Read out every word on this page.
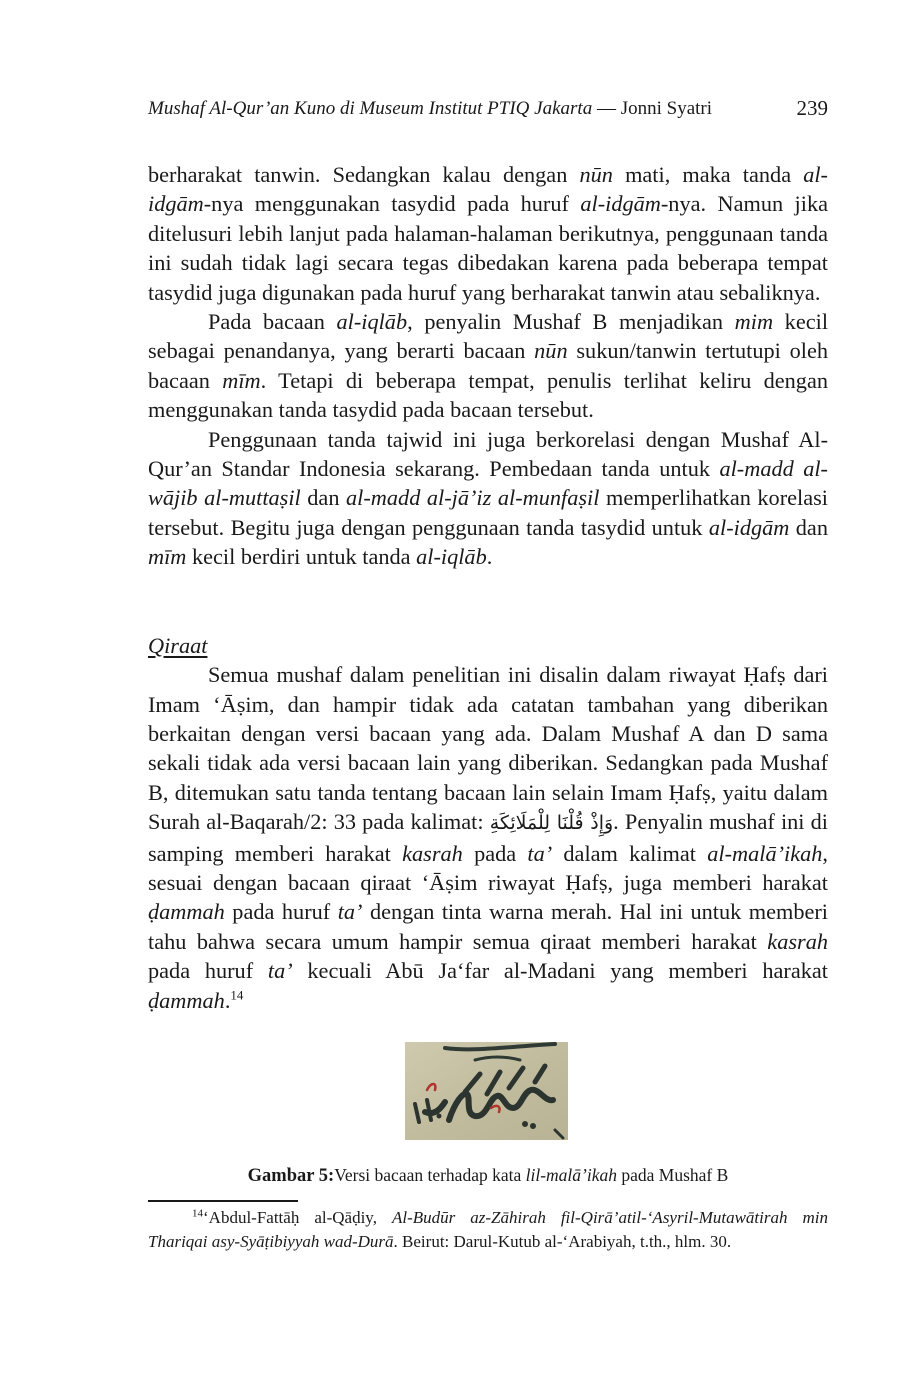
Mushaf Al-Qur’an Kuno di Museum Institut PTIQ Jakarta — Jonni Syatri	239

berharakat tanwin. Sedangkan kalau dengan nūn mati, maka tanda al-idgām-nya menggunakan tasydid pada huruf al-idgām-nya. Namun jika ditelusuri lebih lanjut pada halaman-halaman berikutnya, penggunaan tanda ini sudah tidak lagi secara tegas dibedakan karena pada beberapa tempat tasydid juga digunakan pada huruf yang berharakat tanwin atau sebaliknya.

Pada bacaan al-iqlāb, penyalin Mushaf B menjadikan mim kecil sebagai penandanya, yang berarti bacaan nūn sukun/tanwin tertutupi oleh bacaan mīm. Tetapi di beberapa tempat, penulis terlihat keliru dengan menggunakan tanda tasydid pada bacaan tersebut.

Penggunaan tanda tajwid ini juga berkorelasi dengan Mushaf Al-Qur’an Standar Indonesia sekarang. Pembedaan tanda untuk al-madd al-wājib al-muttaṣil dan al-madd al-jā’iz al-munfaṣil memperlihatkan korelasi tersebut. Begitu juga dengan penggunaan tanda tasydid untuk al-idgām dan mīm kecil berdiri untuk tanda al-iqlāb.

Qiraat

Semua mushaf dalam penelitian ini disalin dalam riwayat Ḥafṣ dari Imam ‘Āṣim, dan hampir tidak ada catatan tambahan yang diberikan berkaitan dengan versi bacaan yang ada. Dalam Mushaf A dan D sama sekali tidak ada versi bacaan lain yang diberikan. Sedangkan pada Mushaf B, ditemukan satu tanda tentang bacaan lain selain Imam Ḥafṣ, yaitu dalam Surah al-Baqarah/2: 33 pada kalimat: وَإِذْ قُلْنَا لِلْمَلَائِكَةِ. Penyalin mushaf ini di samping memberi harakat kasrah pada ta’ dalam kalimat al-malā’ikah, sesuai dengan bacaan qiraat ‘Āṣim riwayat Ḥafṣ, juga memberi harakat ḍammah pada huruf ta’ dengan tinta warna merah. Hal ini untuk memberi tahu bahwa secara umum hampir semua qiraat memberi harakat kasrah pada huruf ta’ kecuali Abū Ja‘far al-Madani yang memberi harakat ḍammah.$^{14}$

Gambar 5:Versi bacaan terhadap kata lil-malā’ikah pada Mushaf B
$^{14}$‘Abdul-Fattāḥ al-Qāḍiy, Al-Budūr az-Zāhirah fil-Qirā’atil-‘Asyril-Mutawātirah min Thariqai asy-Syāṭibiyyah wad-Durā. Beirut: Darul-Kutub al-‘Arabiyah, t.th., hlm. 30.
